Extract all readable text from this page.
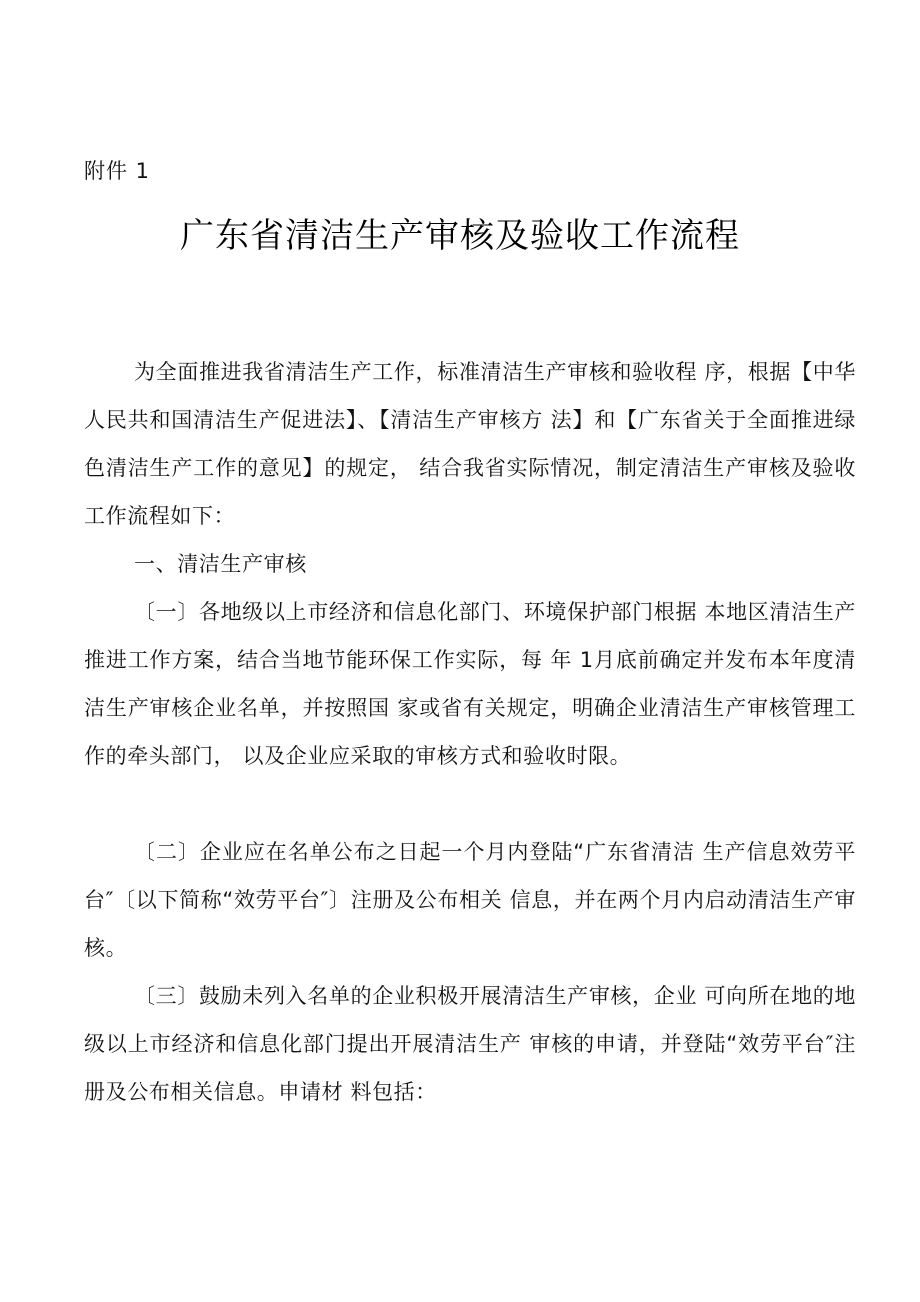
附件 1
广东省清洁生产审核及验收工作流程

为全面推进我省清洁生产工作，标准清洁生产审核和验收程 序，根据【中华人民共和国清洁生产促进法】、【清洁生产审核方 法】和【广东省关于全面推进绿色清洁生产工作的意见】的规定， 结合我省实际情况，制定清洁生产审核及验收工作流程如下：

一、清洁生产审核

〔一〕各地级以上市经济和信息化部门、环境保护部门根据 本地区清洁生产推进工作方案，结合当地节能环保工作实际，每 年 1月底前确定并发布本年度清洁生产审核企业名单，并按照国 家或省有关规定，明确企业清洁生产审核管理工作的牵头部门， 以及企业应采取的审核方式和验收时限。

〔二〕企业应在名单公布之日起一个月内登陆“广东省清洁 生产信息效劳平台″〔以下简称“效劳平台″〕注册及公布相关 信息，并在两个月内启动清洁生产审核。

〔三〕鼓励未列入名单的企业积极开展清洁生产审核，企业 可向所在地的地级以上市经济和信息化部门提出开展清洁生产 审核的申请，并登陆“效劳平台″注册及公布相关信息。申请材 料包括：
